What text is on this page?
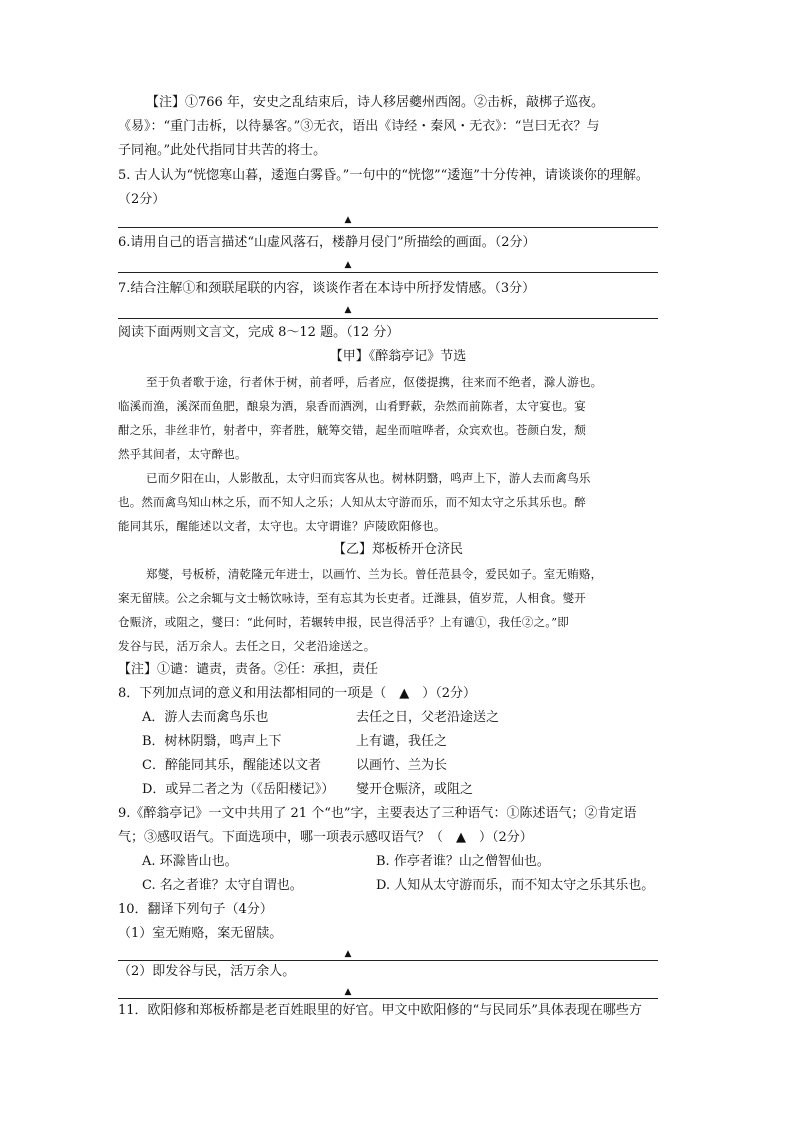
【注】①766 年，安史之乱结束后，诗人移居夔州西阁。②击柝，敲梆子巡夜。
《易》：“重门击柝，以待暴客。”③无衣，语出《诗经・秦风・无衣》：“岂曰无衣？与
子同袍。”此处代指同甘共苦的将士。
5. 古人认为“恍惚寒山暮，逶迤白雾昏。”一句中的“恍惚”“逶迤”十分传神，请谈谈你的理解。
（2分）
▲
6.请用自己的语言描述“山虚风落石，楼静月侵门”所描绘的画面。（2分）
▲
7.结合注解①和颈联尾联的内容，谈谈作者在本诗中所抒发情感。（3分）
▲
阅读下面两则文言文，完成 8～12 题。（12 分）
【甲】《醉翁亭记》节选
至于负者歌于途，行者休于树，前者呼，后者应，伛偻提携，往来而不绝者，滁人游也。
临溪而渔，溪深而鱼肥，酿泉为酒，泉香而酒洌，山肴野蔌，杂然而前陈者，太守宴也。宴
酣之乐，非丝非竹，射者中，弈者胜，觥筹交错，起坐而喧哗者，众宾欢也。苍颜白发，颓
然乎其间者，太守醉也。
已而夕阳在山，人影散乱，太守归而宾客从也。树林阴翳，鸣声上下，游人去而禽鸟乐
也。然而禽鸟知山林之乐，而不知人之乐；人知从太守游而乐，而不知太守之乐其乐也。醉
能同其乐，醒能述以文者，太守也。太守谓谁？庐陵欧阳修也。
【乙】郑板桥开仓济民
郑燮，号板桥，清乾隆元年进士，以画竹、兰为长。曾任范县令，爱民如子。室无贿赂，
案无留牍。公之余辄与文士畅饮咏诗，至有忘其为长吏者。迁潍县，值岁荒，人相食。燮开
仓赈济，或阻之，燮曰：“此何时，若辗转申报，民岂得活乎？上有谴①，我任②之。”即
发谷与民，活万余人。去任之日，父老沿途送之。
【注】①谴：谴责，责备。②任：承担，责任
8．下列加点词的意义和用法都相同的一项是（　▲　）（2分）
A．游人去而禽鸟乐也	去任之日，父老沿途送之
B．树林阴翳，鸣声上下	上有谴，我任之
C．醉能同其乐，醒能述以文者	以画竹、兰为长
D．或异二者之为（《岳阳楼记》） 燮开仓赈济，或阻之
9.《醉翁亭记》一文中共用了 21 个“也”字，主要表达了三种语气：①陈述语气；②肯定语
气；③感叹语气。下面选项中，哪一项表示感叹语气？（　▲　）（2分）
A. 环滁皆山也。	B. 作亭者谁？山之僧智仙也。
C. 名之者谁？太守自谓也。	D. 人知从太守游而乐，而不知太守之乐其乐也。
10．翻译下列句子（4分）
（1）室无贿赂，案无留牍。
▲
（2）即发谷与民，活万余人。
▲
11．欧阳修和郑板桥都是老百姓眼里的好官。甲文中欧阳修的“与民同乐”具体表现在哪些方
